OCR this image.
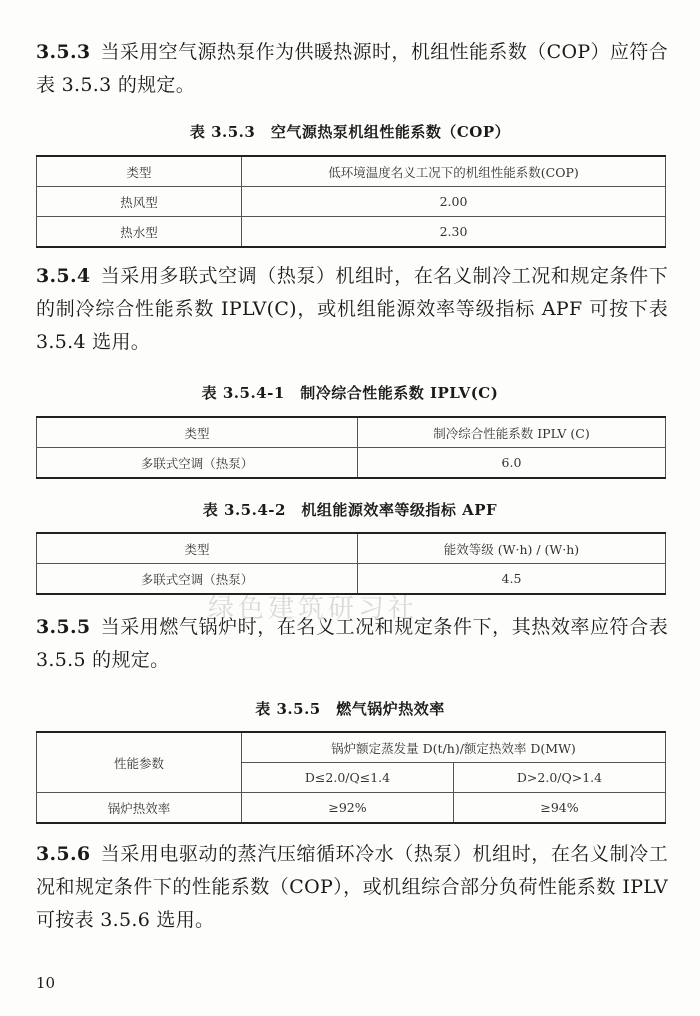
3.5.3 当采用空气源热泵作为供暖热源时，机组性能系数（COP）应符合表 3.5.3 的规定。

表 3.5.3　空气源热泵机组性能系数（COP）
类型	低环境温度名义工况下的机组性能系数(COP)
热风型	2.00
热水型	2.30

3.5.4 当采用多联式空调（热泵）机组时，在名义制冷工况和规定条件下的制冷综合性能系数 IPLV(C)，或机组能源效率等级指标 APF 可按下表 3.5.4 选用。

表 3.5.4-1　制冷综合性能系数 IPLV(C)
类型	制冷综合性能系数 IPLV (C)
多联式空调（热泵）	6.0
表 3.5.4-2　机组能源效率等级指标 APF
类型	能效等级 (W·h) / (W·h)
多联式空调（热泵）	4.5
绿色建筑研习社

3.5.5 当采用燃气锅炉时，在名义工况和规定条件下，其热效率应符合表 3.5.5 的规定。

表 3.5.5　燃气锅炉热效率
性能参数	锅炉额定蒸发量 D(t/h)/额定热效率 D(MW)	
	D≤2.0/Q≤1.4	D>2.0/Q>1.4
锅炉热效率	≥92%	≥94%

3.5.6 当采用电驱动的蒸汽压缩循环冷水（热泵）机组时，在名义制冷工况和规定条件下的性能系数（COP），或机组综合部分负荷性能系数 IPLV 可按表 3.5.6 选用。

10
